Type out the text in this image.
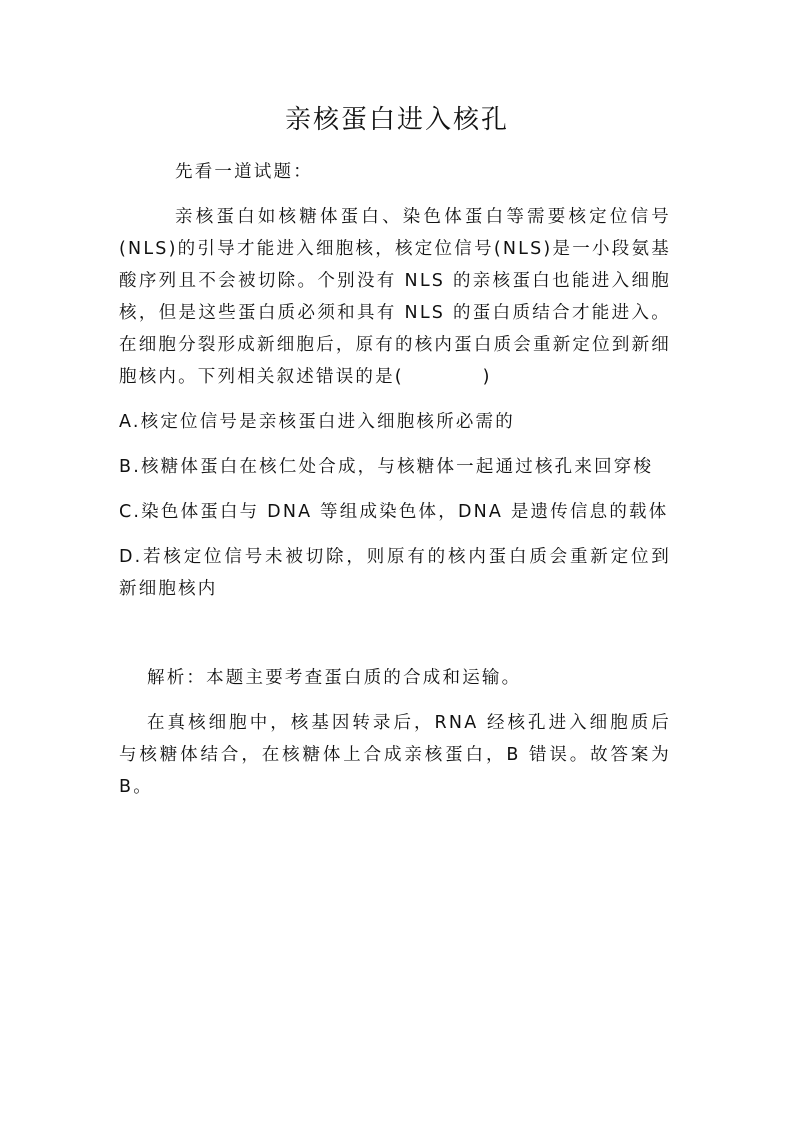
亲核蛋白进入核孔

先看一道试题：

亲核蛋白如核糖体蛋白、染色体蛋白等需要核定位信号(NLS)的引导才能进入细胞核，核定位信号(NLS)是一小段氨基酸序列且不会被切除。个别没有 NLS 的亲核蛋白也能进入细胞核，但是这些蛋白质必须和具有 NLS 的蛋白质结合才能进入。在细胞分裂形成新细胞后，原有的核内蛋白质会重新定位到新细胞核内。下列相关叙述错误的是(　　　　)

A.核定位信号是亲核蛋白进入细胞核所必需的

B.核糖体蛋白在核仁处合成，与核糖体一起通过核孔来回穿梭

C.染色体蛋白与 DNA 等组成染色体，DNA 是遗传信息的载体

D.若核定位信号未被切除，则原有的核内蛋白质会重新定位到新细胞核内

解析：本题主要考查蛋白质的合成和运输。

在真核细胞中，核基因转录后，RNA 经核孔进入细胞质后与核糖体结合，在核糖体上合成亲核蛋白，B 错误。故答案为 B。
